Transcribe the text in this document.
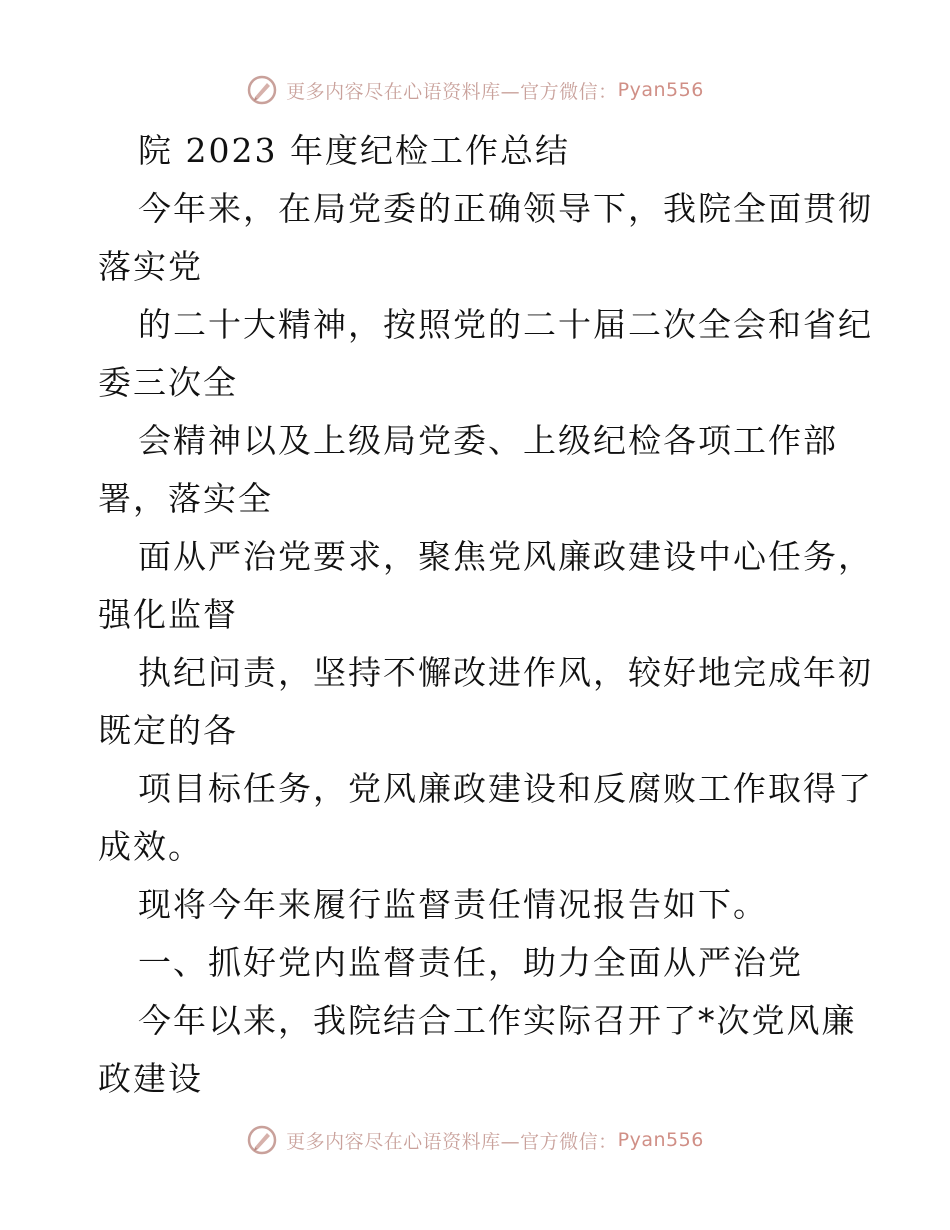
更多内容尽在心语资料库—官方微信： Pyan556
院 2023 年度纪检工作总结
今年来，在局党委的正确领导下，我院全面贯彻
落实党
的二十大精神，按照党的二十届二次全会和省纪
委三次全
会精神以及上级局党委、上级纪检各项工作部
署，落实全
面从严治党要求，聚焦党风廉政建设中心任务，
强化监督
执纪问责，坚持不懈改进作风，较好地完成年初
既定的各
项目标任务，党风廉政建设和反腐败工作取得了
成效。
现将今年来履行监督责任情况报告如下。
一、抓好党内监督责任，助力全面从严治党
今年以来，我院结合工作实际召开了*次党风廉
政建设
更多内容尽在心语资料库—官方微信： Pyan556
